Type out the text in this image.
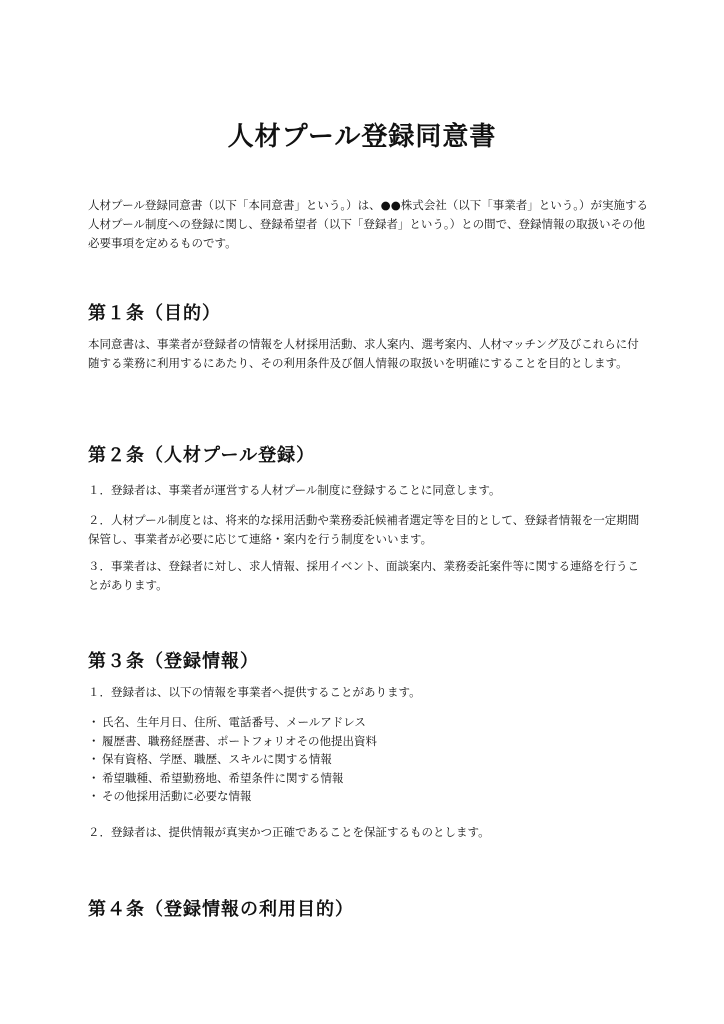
人材プール登録同意書

人材プール登録同意書（以下「本同意書」という。）は、●●株式会社（以下「事業者」という。）が実施する人材プール制度への登録に関し、登録希望者（以下「登録者」という。）との間で、登録情報の取扱いその他必要事項を定めるものです。

第１条（目的）

本同意書は、事業者が登録者の情報を人材採用活動、求人案内、選考案内、人材マッチング及びこれらに付随する業務に利用するにあたり、その利用条件及び個人情報の取扱いを明確にすることを目的とします。

第２条（人材プール登録）

１．登録者は、事業者が運営する人材プール制度に登録することに同意します。

２．人材プール制度とは、将来的な採用活動や業務委託候補者選定等を目的として、登録者情報を一定期間保管し、事業者が必要に応じて連絡・案内を行う制度をいいます。

３．事業者は、登録者に対し、求人情報、採用イベント、面談案内、業務委託案件等に関する連絡を行うことがあります。

第３条（登録情報）

１．登録者は、以下の情報を事業者へ提供することがあります。

・ 氏名、生年月日、住所、電話番号、メールアドレス
・ 履歴書、職務経歴書、ポートフォリオその他提出資料
・ 保有資格、学歴、職歴、スキルに関する情報
・ 希望職種、希望勤務地、希望条件に関する情報
・ その他採用活動に必要な情報

２．登録者は、提供情報が真実かつ正確であることを保証するものとします。

第４条（登録情報の利用目的）
